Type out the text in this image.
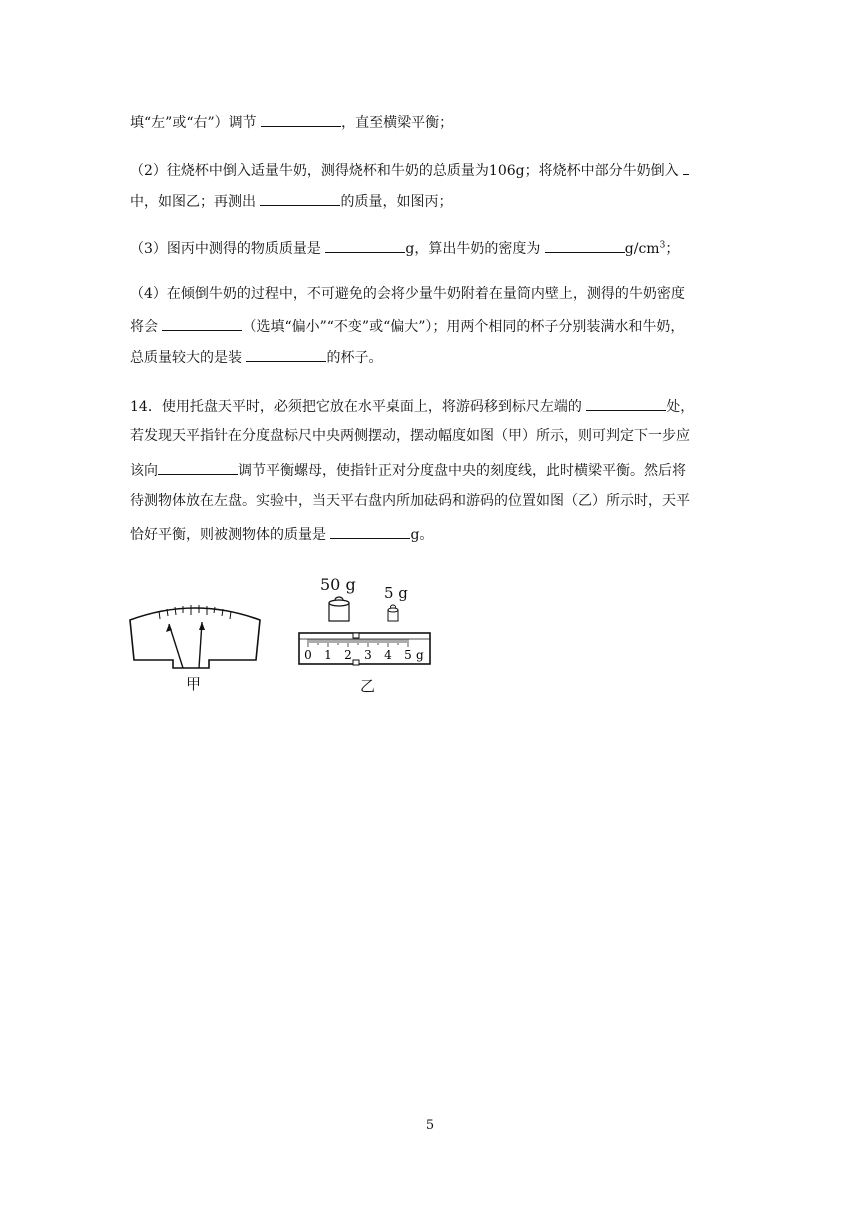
填“左”或“右”）调节	，直至横梁平衡；
（2）往烧杯中倒入适量牛奶，测得烧杯和牛奶的总质量为106g；将烧杯中部分牛奶倒入
中，如图乙；再测出	的质量，如图丙；
（3）图丙中测得的物质质量是	g，算出牛奶的密度为	$g/cm^3$；
（4）在倾倒牛奶的过程中，不可避免的会将少量牛奶附着在量筒内壁上，测得的牛奶密度
将会	（选填“偏小”“不变”或“偏大”）；用两个相同的杯子分别装满水和牛奶，
总质量较大的是装	的杯子。
14．使用托盘天平时，必须把它放在水平桌面上，将游码移到标尺左端的	处，
若发现天平指针在分度盘标尺中央两侧摆动，摆动幅度如图（甲）所示，则可判定下一步应
该向	调节平衡螺母，使指针正对分度盘中央的刻度线，此时横梁平衡。然后将
待测物体放在左盘。实验中，当天平右盘内所加砝码和游码的位置如图（乙）所示时，天平
恰好平衡，则被测物体的质量是	g。
甲
50 g 5 g
0 1 2 3 4 5 g
乙
5
